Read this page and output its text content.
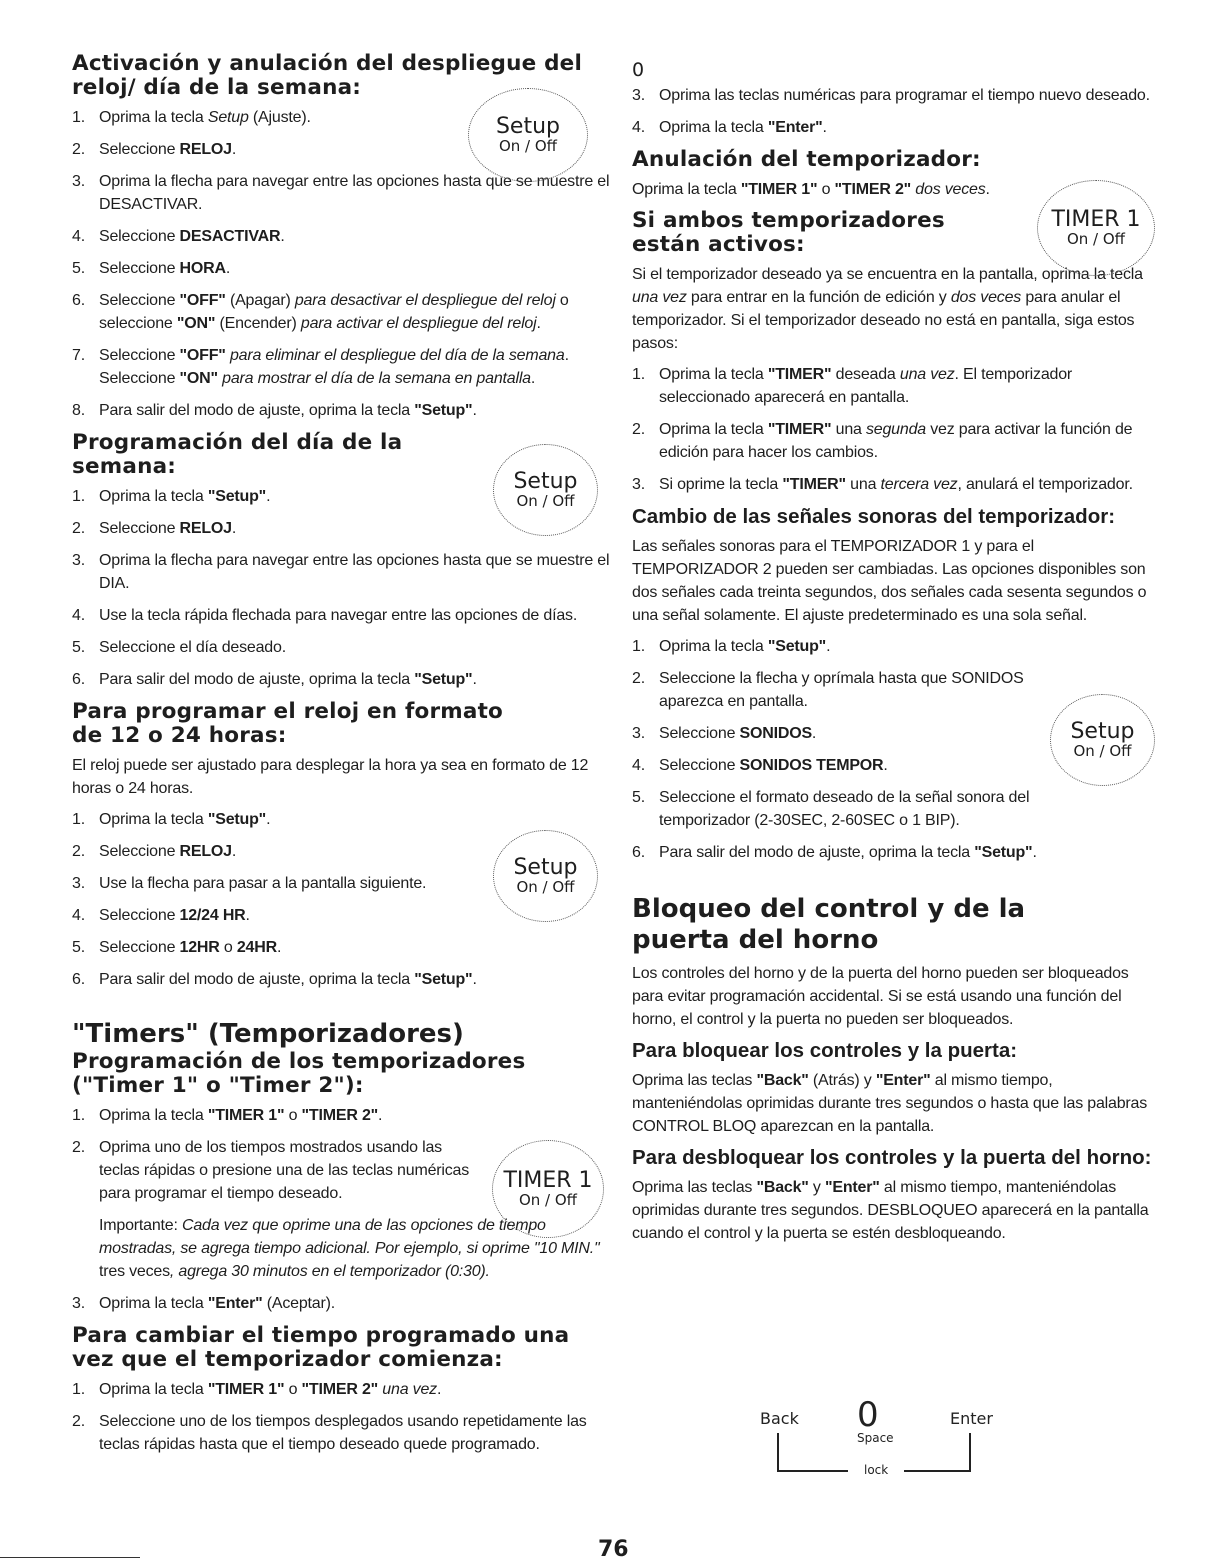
Activación y anulación del despliegue del reloj/ día de la semana:
1. Oprima la tecla Setup (Ajuste).
2. Seleccione RELOJ.
3. Oprima la flecha para navegar entre las opciones hasta que se muestre el DESACTIVAR.
4. Seleccione DESACTIVAR.
5. Seleccione HORA.
6. Seleccione "OFF" (Apagar) para desactivar el despliegue del reloj o seleccione "ON" (Encender) para activar el despliegue del reloj.
7. Seleccione "OFF" para eliminar el despliegue del día de la semana. Seleccione "ON" para mostrar el día de la semana en pantalla.
8. Para salir del modo de ajuste, oprima la tecla "Setup".
Programación del día de la semana:
1. Oprima la tecla "Setup".
2. Seleccione RELOJ.
3. Oprima la flecha para navegar entre las opciones hasta que se muestre el DIA.
4. Use la tecla rápida flechada para navegar entre las opciones de días.
5. Seleccione el día deseado.
6. Para salir del modo de ajuste, oprima la tecla "Setup".
Para programar el reloj en formato de 12 o 24 horas:

El reloj puede ser ajustado para desplegar la hora ya sea en formato de 12 horas o 24 horas.

1. Oprima la tecla "Setup".
2. Seleccione RELOJ.
3. Use la flecha para pasar a la pantalla siguiente.
4. Seleccione 12/24 HR.
5. Seleccione 12HR o 24HR.
6. Para salir del modo de ajuste, oprima la tecla "Setup".
"Timers" (Temporizadores)
Programación de los temporizadores ("Timer 1" o "Timer 2"):
1. Oprima la tecla "TIMER 1" o "TIMER 2".
2. Oprima uno de los tiempos mostrados usando las teclas rápidas o presione una de las teclas numéricas para programar el tiempo deseado.

Importante: Cada vez que oprime una de las opciones de tiempo mostradas, se agrega tiempo adicional. Por ejemplo, si oprime "10 MIN." tres veces, agrega 30 minutos en el temporizador (0:30).

3. Oprima la tecla "Enter" (Aceptar).
Para cambiar el tiempo programado una vez que el temporizador comienza:
1. Oprima la tecla "TIMER 1" o "TIMER 2" una vez.
2. Seleccione uno de los tiempos desplegados usando repetidamente las teclas rápidas hasta que el tiempo deseado quede programado.
0
3. Oprima las teclas numéricas para programar el tiempo nuevo deseado.
4. Oprima la tecla "Enter".
Anulación del temporizador:

Oprima la tecla "TIMER 1" o "TIMER 2" dos veces.

Si ambos temporizadores están activos:

Si el temporizador deseado ya se encuentra en la pantalla, oprima la tecla una vez para entrar en la función de edición y dos veces para anular el temporizador. Si el temporizador deseado no está en pantalla, siga estos pasos:

1. Oprima la tecla "TIMER" deseada una vez. El temporizador seleccionado aparecerá en pantalla.
2. Oprima la tecla "TIMER" una segunda vez para activar la función de edición para hacer los cambios.
3. Si oprime la tecla "TIMER" una tercera vez, anulará el temporizador.
Cambio de las señales sonoras del temporizador:

Las señales sonoras para el TEMPORIZADOR 1 y para el TEMPORIZADOR 2 pueden ser cambiadas. Las opciones disponibles son dos señales cada treinta segundos, dos señales cada sesenta segundos o una señal solamente. El ajuste predeterminado es una sola señal.

1. Oprima la tecla "Setup".
2. Seleccione la flecha y oprímala hasta que SONIDOS aparezca en pantalla.
3. Seleccione SONIDOS.
4. Seleccione SONIDOS TEMPOR.
5. Seleccione el formato deseado de la señal sonora del temporizador (2-30SEC, 2-60SEC o 1 BIP).
6. Para salir del modo de ajuste, oprima la tecla "Setup".
Bloqueo del control y de la puerta del horno

Los controles del horno y de la puerta del horno pueden ser bloqueados para evitar programación accidental. Si se está usando una función del horno, el control y la puerta no pueden ser bloqueados.

Para bloquear los controles y la puerta:

Oprima las teclas "Back" (Atrás) y "Enter" al mismo tiempo, manteniéndolas oprimidas durante tres segundos o hasta que las palabras CONTROL BLOQ aparezcan en la pantalla.

Para desbloquear los controles y la puerta del horno:

Oprima las teclas "Back" y "Enter" al mismo tiempo, manteniéndolas oprimidas durante tres segundos. DESBLOQUEO aparecerá en la pantalla cuando el control y la puerta se estén desbloqueando.

Setup
On / Off
Setup
On / Off
Setup
On / Off
TIMER 1
On / Off
TIMER 1
On / Off
Setup
On / Off
Back 0
Space
Enter
lock
76
